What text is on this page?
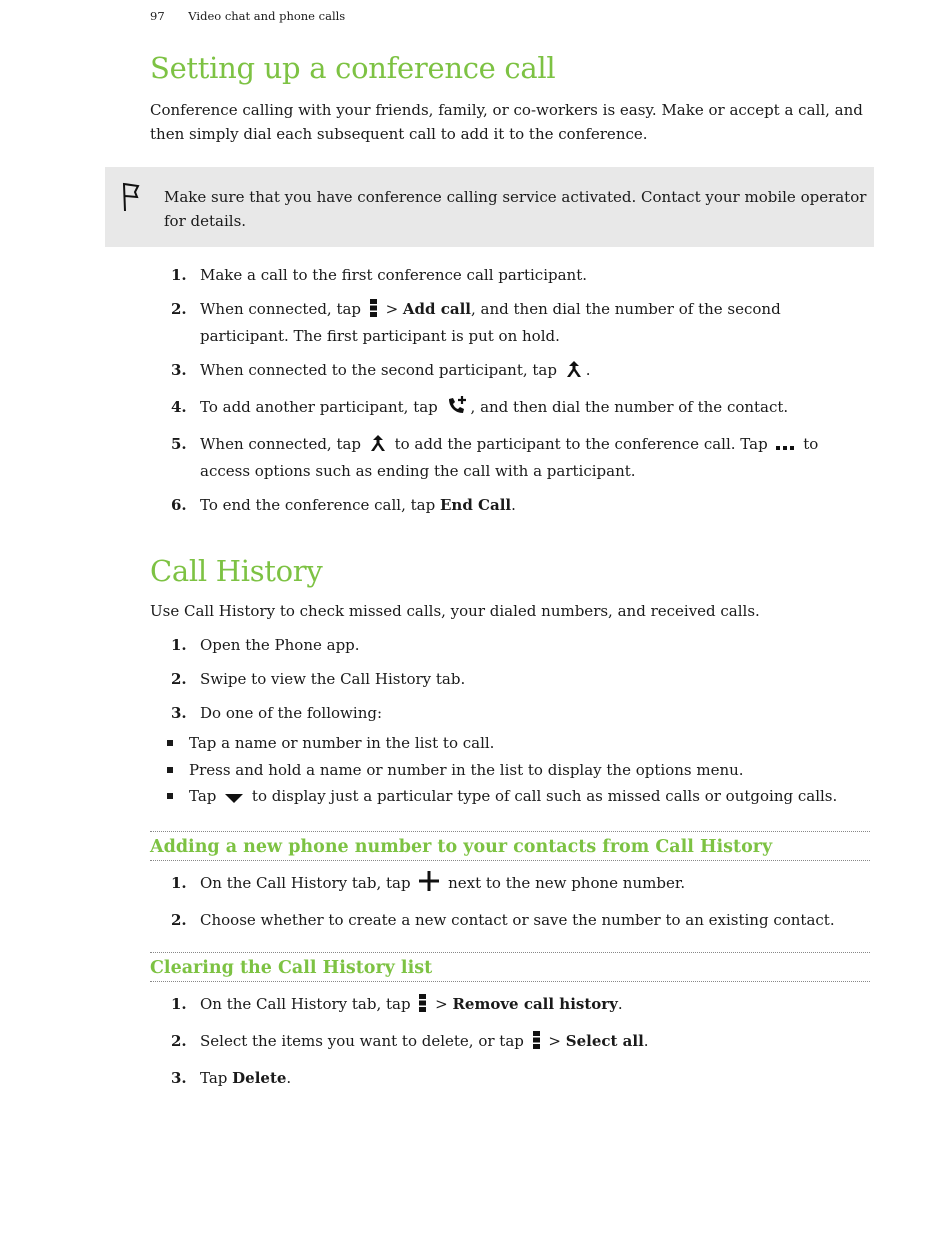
97 Video chat and phone calls
Setting up a conference call

Conference calling with your friends, family, or co-workers is easy. Make or accept a call, and then simply dial each subsequent call to add it to the conference.

Make sure that you have conference calling service activated. Contact your mobile operator for details.

1. Make a call to the first conference call participant.
2. When connected, tap  > Add call, and then dial the number of the second participant. The first participant is put on hold.
3. When connected to the second participant, tap .
4. To add another participant, tap , and then dial the number of the contact.
5. When connected, tap  to add the participant to the conference call. Tap  to access options such as ending the call with a participant.
6. To end the conference call, tap End Call.
Call History

Use Call History to check missed calls, your dialed numbers, and received calls.

1. Open the Phone app.
2. Swipe to view the Call History tab.
3. Do one of the following:
Tap a name or number in the list to call.
Press and hold a name or number in the list to display the options menu.
Tap  to display just a particular type of call such as missed calls or outgoing calls.
Adding a new phone number to your contacts from Call History
1. On the Call History tab, tap  next to the new phone number.
2. Choose whether to create a new contact or save the number to an existing contact.
Clearing the Call History list
1. On the Call History tab, tap  > Remove call history.
2. Select the items you want to delete, or tap  > Select all.
3. Tap Delete.
